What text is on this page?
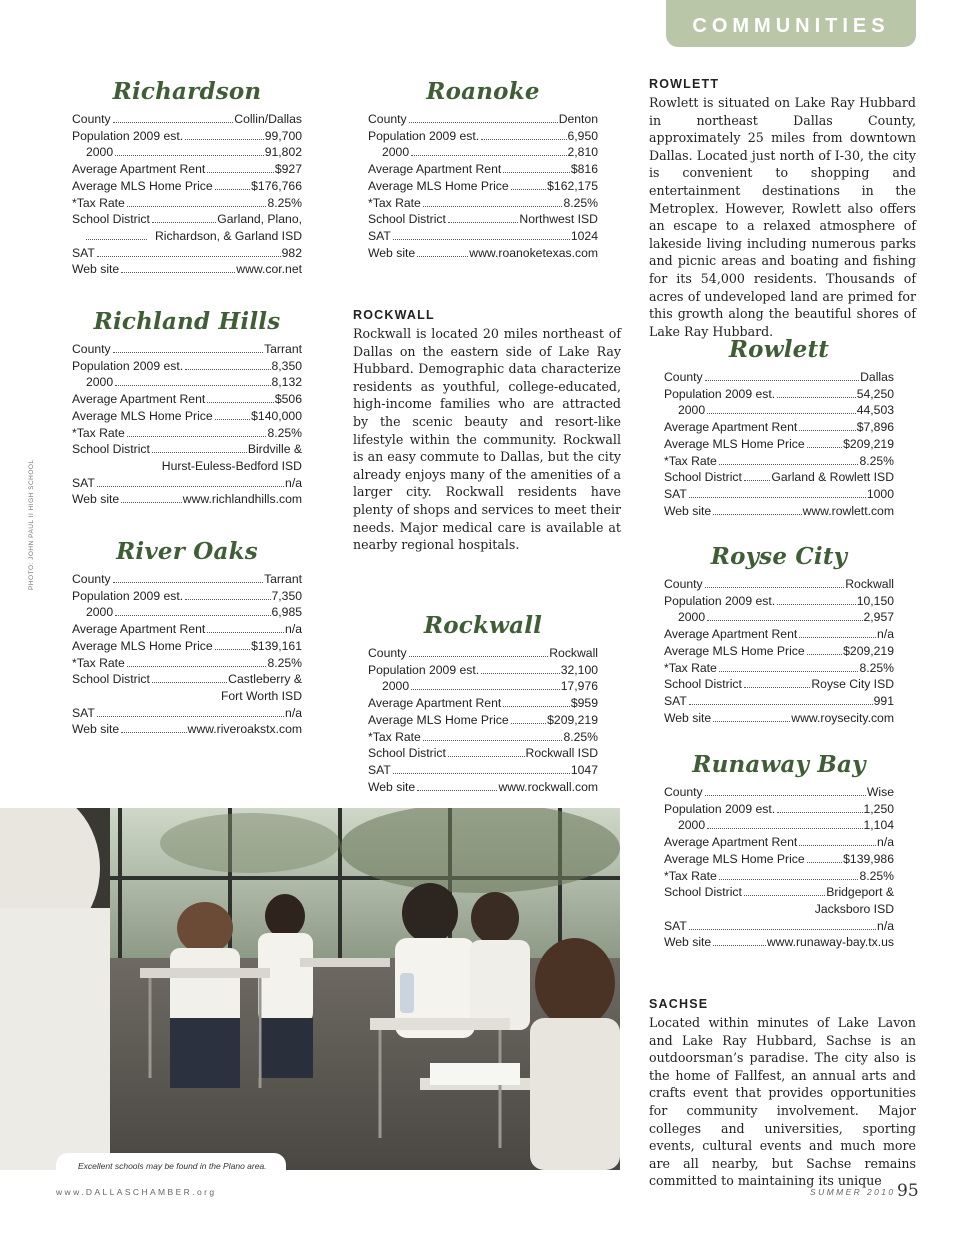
COMMUNITIES
Richardson
County	Collin/Dallas
Population 2009 est.	99,700
2000	91,802
Average Apartment Rent	$927
Average MLS Home Price	$176,766
*Tax Rate	8.25%
School District	Garland, Plano,
Richardson, & Garland ISD
SAT	982
Web site	www.cor.net
Richland Hills
County	Tarrant
Population 2009 est.	8,350
2000	8,132
Average Apartment Rent	$506
Average MLS Home Price	$140,000
*Tax Rate	8.25%
School District	Birdville &
Hurst-Euless-Bedford ISD
SAT	n/a
Web site	www.richlandhills.com
River Oaks
County	Tarrant
Population 2009 est.	7,350
2000	6,985
Average Apartment Rent	n/a
Average MLS Home Price	$139,161
*Tax Rate	8.25%
School District	Castleberry &
Fort Worth ISD
SAT	n/a
Web site	www.riveroakstx.com
Roanoke
County	Denton
Population 2009 est.	6,950
2000	2,810
Average Apartment Rent	$816
Average MLS Home Price	$162,175
*Tax Rate	8.25%
School District	Northwest ISD
SAT	1024
Web site	www.roanoketexas.com
Rockwall
County	Rockwall
Population 2009 est.	32,100
2000	17,976
Average Apartment Rent	$959
Average MLS Home Price	$209,219
*Tax Rate	8.25%
School District	Rockwall ISD
SAT	1047
Web site	www.rockwall.com
Rowlett
County	Dallas
Population 2009 est.	54,250
2000	44,503
Average Apartment Rent	$7,896
Average MLS Home Price	$209,219
*Tax Rate	8.25%
School District Garland & Rowlett ISD
SAT	1000
Web site	www.rowlett.com
Royse City
County	Rockwall
Population 2009 est.	10,150
2000	2,957
Average Apartment Rent	n/a
Average MLS Home Price	$209,219
*Tax Rate	8.25%
School District	Royse City ISD
SAT	991
Web site	www.roysecity.com
Runaway Bay
County	Wise
Population 2009 est.	1,250
2000	1,104
Average Apartment Rent	n/a
Average MLS Home Price	$139,986
*Tax Rate	8.25%
School District	Bridgeport &
Jacksboro ISD
SAT	n/a
Web site	www.runaway-bay.tx.us
ROCKWALL
Rockwall is located 20 miles northeast of Dallas on the eastern side of Lake Ray Hubbard. Demographic data characterize residents as youthful, college-educated, high-income families who are attracted by the scenic beauty and resort-like lifestyle within the community. Rockwall is an easy commute to Dallas, but the city already enjoys many of the amenities of a larger city. Rockwall residents have plenty of shops and services to meet their needs. Major medical care is available at nearby regional hospitals.
ROWLETT
Rowlett is situated on Lake Ray Hubbard in northeast Dallas County, approximately 25 miles from downtown Dallas. Located just north of I-30, the city is convenient to shopping and entertainment destinations in the Metroplex. However, Rowlett also offers an escape to a relaxed atmosphere of lakeside living including numerous parks and picnic areas and boating and fishing for its 54,000 residents. Thousands of acres of undeveloped land are primed for this growth along the beautiful shores of Lake Ray Hubbard.
SACHSE
Located within minutes of Lake Lavon and Lake Ray Hubbard, Sachse is an outdoorsman’s paradise. The city also is the home of Fallfest, an annual arts and crafts event that provides opportunities for community involvement. Major colleges and universities, sporting events, cultural events and much more are all nearby, but Sachse remains committed to maintaining its unique
PHOTO: JOHN PAUL II HIGH SCHOOL
Excellent schools may be found in the Plano area.
www.DALLASCHAMBER.org	SUMMER 2010 95
